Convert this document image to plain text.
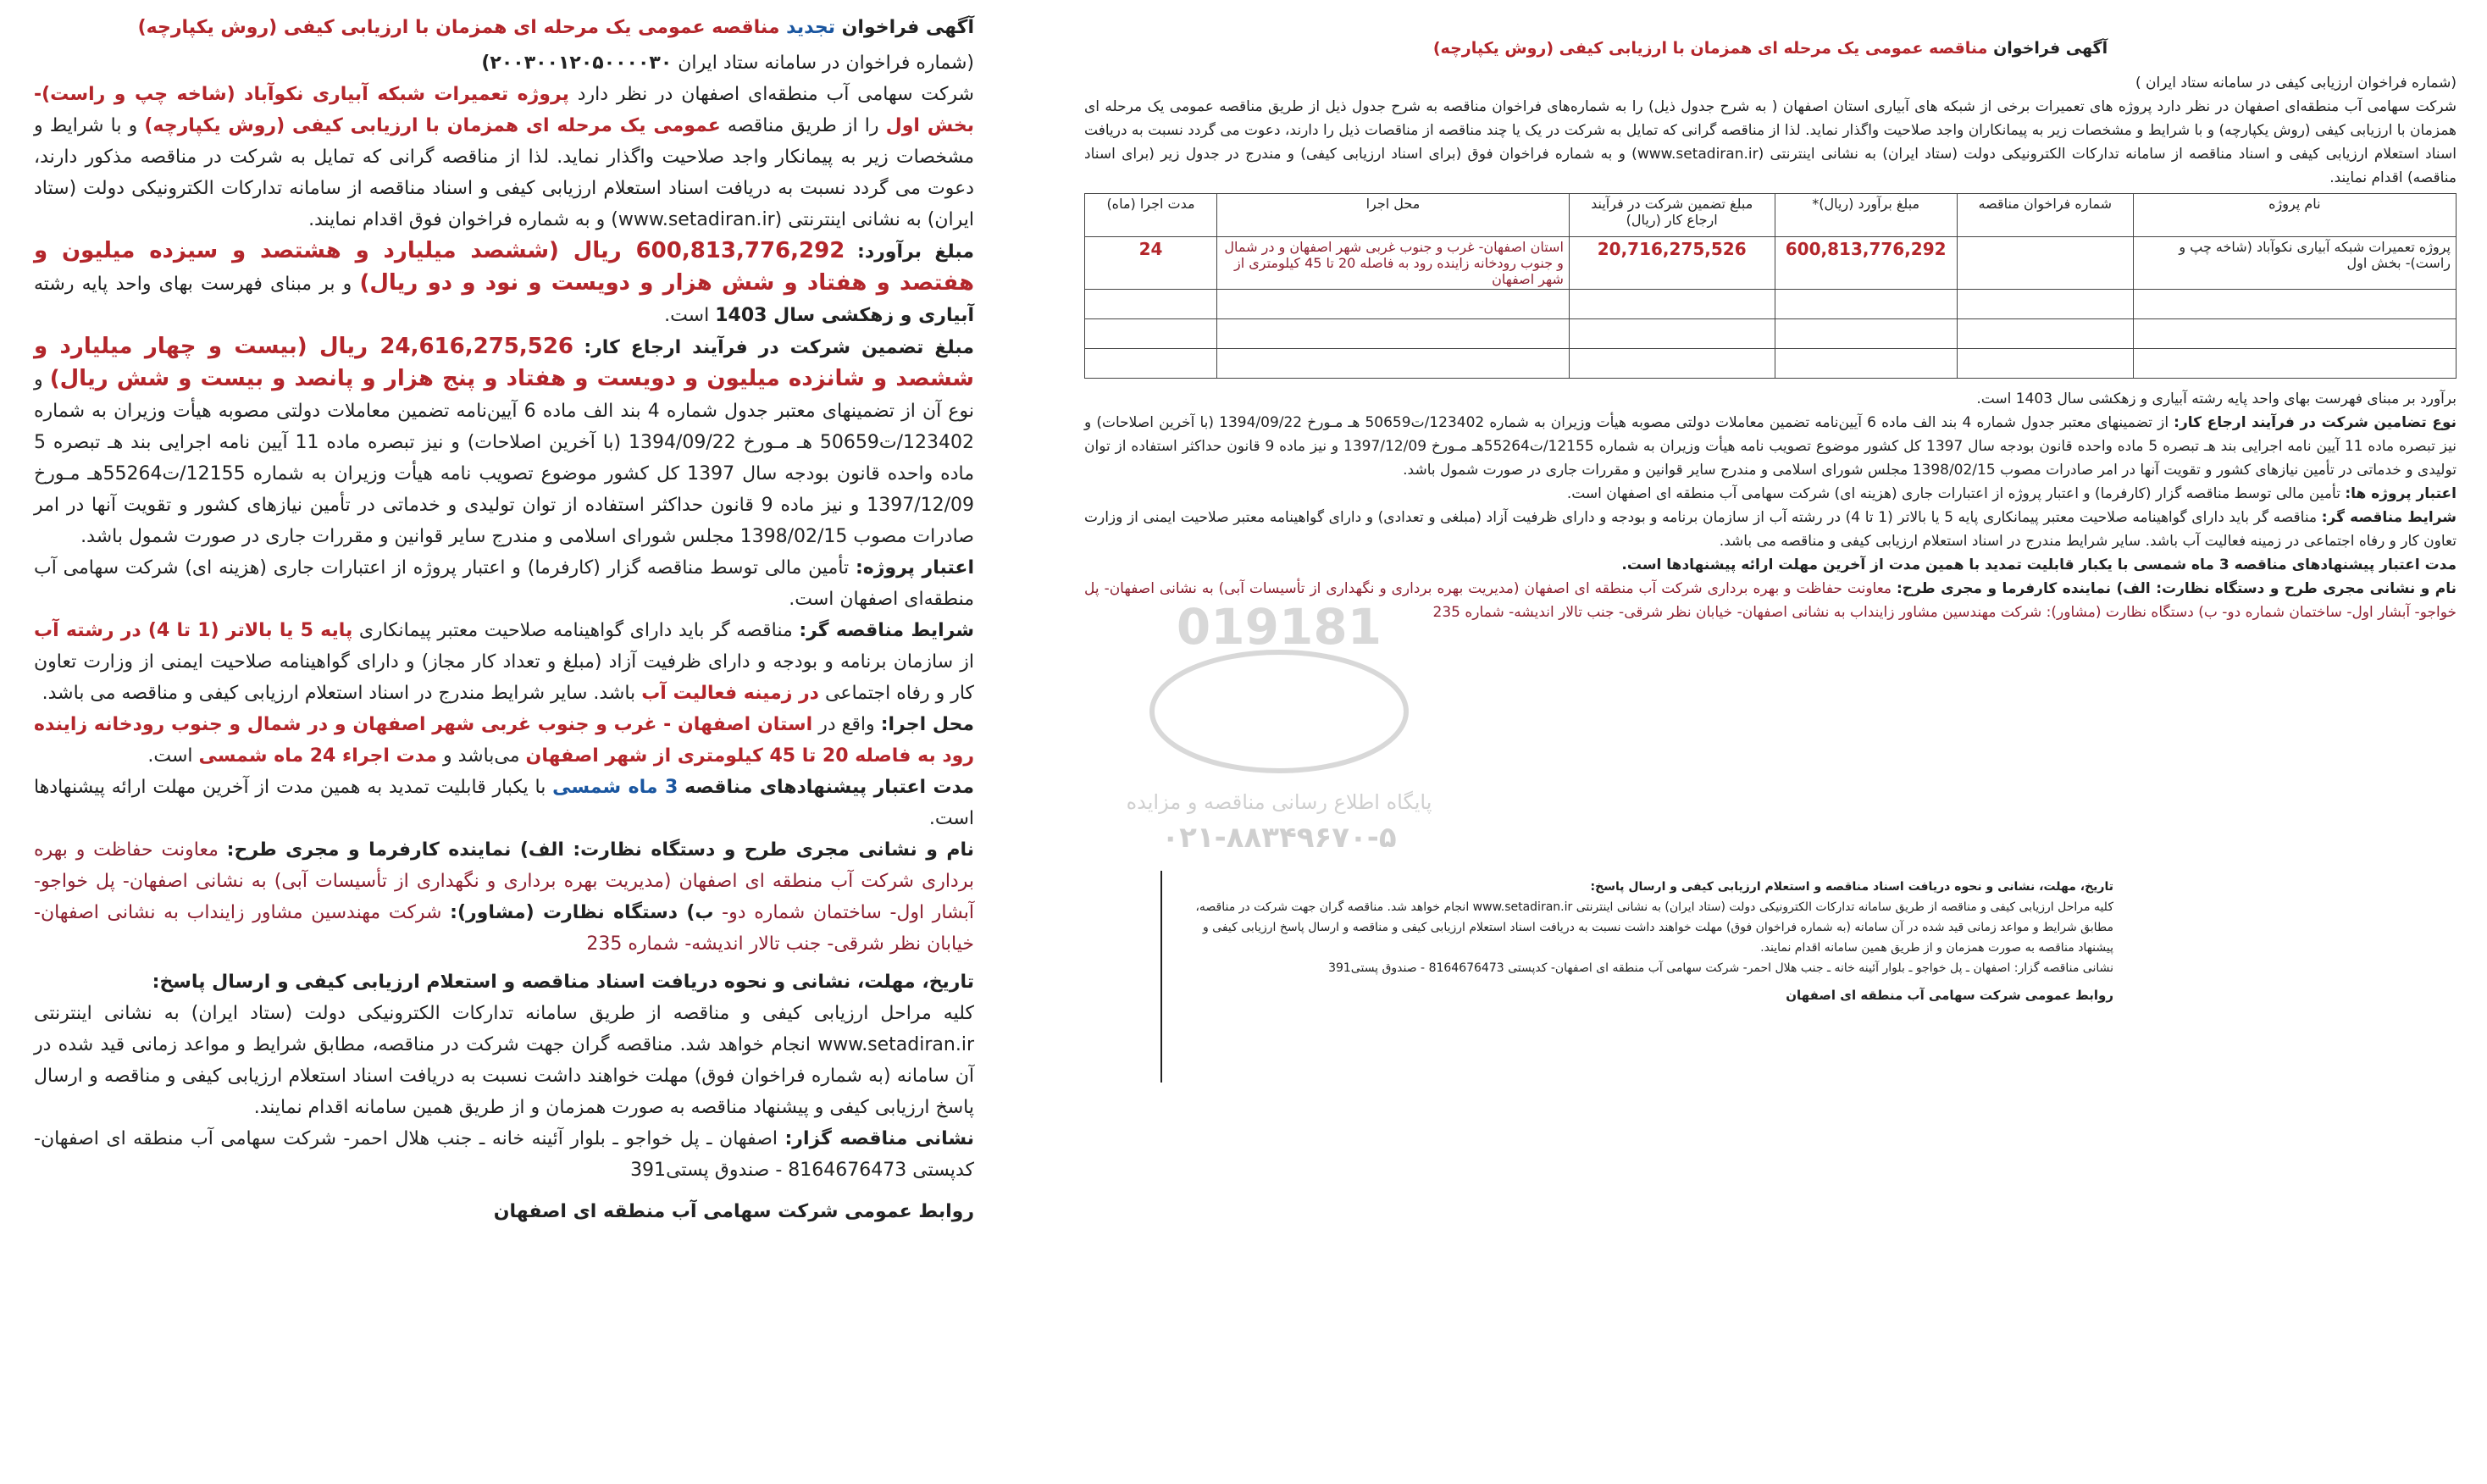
آگهی فراخوان تجدید مناقصه عمومی یک مرحله ای همزمان با ارزیابی کیفی (روش یکپارچه)

(شماره فراخوان در سامانه ستاد ایران ۲۰۰۳۰۰۱۲۰۵۰۰۰۰۳۰)

شرکت سهامی آب منطقه‌ای اصفهان در نظر دارد پروژه تعمیرات شبکه آبیاری نکوآباد (شاخه چپ و راست)- بخش اول را از طریق مناقصه عمومی یک مرحله ای همزمان با ارزیابی کیفی (روش یکپارچه) و با شرایط و مشخصات زیر به پیمانکار واجد صلاحیت واگذار نماید. لذا از مناقصه گرانی که تمایل به شرکت در مناقصه مذکور دارند، دعوت می گردد نسبت به دریافت اسناد استعلام ارزیابی کیفی و اسناد مناقصه از سامانه تدارکات الکترونیکی دولت (ستاد ایران) به نشانی اینترنتی (www.setadiran.ir) و به شماره فراخوان فوق اقدام نمایند.

مبلغ برآورد: 600,813,776,292 ریال (ششصد میلیارد و هشتصد و سیزده میلیون و هفتصد و هفتاد و شش هزار و دویست و نود و دو ریال) و بر مبنای فهرست بهای واحد پایه رشته آبیاری و زهکشی سال 1403 است.

مبلغ تضمین شرکت در فرآیند ارجاع کار: 24,616,275,526 ریال (بیست و چهار میلیارد و ششصد و شانزده میلیون و دویست و هفتاد و پنج هزار و پانصد و بیست و شش ریال) و نوع آن از تضمینهای معتبر جدول شماره 4 بند الف ماده 6 آیین‌نامه تضمین معاملات دولتی مصوبه هیأت وزیران به شماره 123402/ت50659 هـ مـورخ 1394/09/22 (با آخرین اصلاحات) و نیز تبصره ماده 11 آیین نامه اجرایی بند هـ تبصره 5 ماده واحده قانون بودجه سال 1397 کل کشور موضوع تصویب نامه هیأت وزیران به شماره 12155/ت55264هـ مـورخ 1397/12/09 و نیز ماده 9 قانون حداکثر استفاده از توان تولیدی و خدماتی در تأمین نیازهای کشور و تقویت آنها در امر صادرات مصوب 1398/02/15 مجلس شورای اسلامی و مندرج سایر قوانین و مقررات جاری در صورت شمول باشد.

اعتبار پروژه: تأمین مالی توسط مناقصه گزار (کارفرما) و اعتبار پروژه از اعتبارات جاری (هزینه ای) شرکت سهامی آب منطقه‌ای اصفهان است.

شرایط مناقصه گر: مناقصه گر باید دارای گواهینامه صلاحیت معتبر پیمانکاری پایه 5 یا بالاتر (1 تا 4) در رشته آب از سازمان برنامه و بودجه و دارای ظرفیت آزاد (مبلغ و تعداد کار مجاز) و دارای گواهینامه صلاحیت ایمنی از وزارت تعاون کار و رفاه اجتماعی در زمینه فعالیت آب باشد. سایر شرایط مندرج در اسناد استعلام ارزیابی کیفی و مناقصه می باشد.

محل اجرا: واقع در استان اصفهان - غرب و جنوب غربی شهر اصفهان و در شمال و جنوب رودخانه زاینده رود به فاصله 20 تا 45 کیلومتری از شهر اصفهان می‌باشد و مدت اجراء 24 ماه شمسی است.

مدت اعتبار پیشنهادهای مناقصه 3 ماه شمسی با یکبار قابلیت تمدید به همین مدت از آخرین مهلت ارائه پیشنهادها است.

نام و نشانی مجری طرح و دستگاه نظارت: الف) نماینده کارفرما و مجری طرح: معاونت حفاظت و بهره برداری شرکت آب منطقه ای اصفهان (مدیریت بهره برداری و نگهداری از تأسیسات آبی) به نشانی اصفهان- پل خواجو- آبشار اول- ساختمان شماره دو- ب) دستگاه نظارت (مشاور): شرکت مهندسین مشاور زاینداب به نشانی اصفهان- خیابان نظر شرقی- جنب تالار اندیشه- شماره 235

تاریخ، مهلت، نشانی و نحوه دریافت اسناد مناقصه و استعلام ارزیابی کیفی و ارسال پاسخ:

کلیه مراحل ارزیابی کیفی و مناقصه از طریق سامانه تدارکات الکترونیکی دولت (ستاد ایران) به نشانی اینترنتی www.setadiran.ir انجام خواهد شد. مناقصه گران جهت شرکت در مناقصه، مطابق شرایط و مواعد زمانی قید شده در آن سامانه (به شماره فراخوان فوق) مهلت خواهند داشت نسبت به دریافت اسناد استعلام ارزیابی کیفی و مناقصه و ارسال پاسخ ارزیابی کیفی و پیشنهاد مناقصه به صورت همزمان و از طریق همین سامانه اقدام نمایند.

نشانی مناقصه گزار: اصفهان ـ پل خواجو ـ بلوار آئینه خانه ـ جنب هلال احمر- شرکت سهامی آب منطقه ای اصفهان- کدپستی 8164676473 - صندوق پستی391

روابط عمومی شرکت سهامی آب منطقه ای اصفهان

آگهی فراخوان مناقصه عمومی یک مرحله ای همزمان با ارزیابی کیفی (روش یکپارچه)

(شماره فراخوان ارزیابی کیفی در سامانه ستاد ایران )

شرکت سهامی آب منطقه‌ای اصفهان در نظر دارد پروژه های تعمیرات برخی از شبکه های آبیاری استان اصفهان ( به شرح جدول ذیل) را به شماره‌های فراخوان مناقصه به شرح جدول ذیل از طریق مناقصه عمومی یک مرحله ای همزمان با ارزیابی کیفی (روش یکپارچه) و با شرایط و مشخصات زیر به پیمانکاران واجد صلاحیت واگذار نماید. لذا از مناقصه گرانی که تمایل به شرکت در یک یا چند مناقصه از مناقصات ذیل را دارند، دعوت می گردد نسبت به دریافت اسناد استعلام ارزیابی کیفی و اسناد مناقصه از سامانه تدارکات الکترونیکی دولت (ستاد ایران) به نشانی اینترنتی (www.setadiran.ir) و به شماره فراخوان فوق (برای اسناد ارزیابی کیفی) و مندرج در جدول زیر (برای اسناد مناقصه) اقدام نمایند.

نام پروژه	شماره فراخوان مناقصه	مبلغ برآورد (ریال)*	مبلغ تضمین شرکت در فرآیند ارجاع کار (ریال)	محل اجرا	مدت اجرا (ماه)
پروژه تعمیرات شبکه آبیاری نکوآباد (شاخه چپ و راست)- بخش اول		600,813,776,292	20,716,275,526	استان اصفهان- غرب و جنوب غربی شهر اصفهان و در شمال و جنوب رودخانه زاینده رود به فاصله 20 تا 45 کیلومتری از شهر اصفهان	24

برآورد بر مبنای فهرست بهای واحد پایه رشته آبیاری و زهکشی سال 1403 است.

نوع تضامین شرکت در فرآیند ارجاع کار: از تضمینهای معتبر جدول شماره 4 بند الف ماده 6 آیین‌نامه تضمین معاملات دولتی مصوبه هیأت وزیران به شماره 123402/ت50659 هـ مـورخ 1394/09/22 (با آخرین اصلاحات) و نیز تبصره ماده 11 آیین نامه اجرایی بند هـ تبصره 5 ماده واحده قانون بودجه سال 1397 کل کشور موضوع تصویب نامه هیأت وزیران به شماره 12155/ت55264هـ مـورخ 1397/12/09 و نیز ماده 9 قانون حداکثر استفاده از توان تولیدی و خدماتی در تأمین نیازهای کشور و تقویت آنها در امر صادرات مصوب 1398/02/15 مجلس شورای اسلامی و مندرج سایر قوانین و مقررات جاری در صورت شمول باشد.

اعتبار پروژه ها: تأمین مالی توسط مناقصه گزار (کارفرما) و اعتبار پروژه از اعتبارات جاری (هزینه ای) شرکت سهامی آب منطقه ای اصفهان است.

شرایط مناقصه گر: مناقصه گر باید دارای گواهینامه صلاحیت معتبر پیمانکاری پایه 5 یا بالاتر (1 تا 4) در رشته آب از سازمان برنامه و بودجه و دارای ظرفیت آزاد (مبلغی و تعدادی) و دارای گواهینامه معتبر صلاحیت ایمنی از وزارت تعاون کار و رفاه اجتماعی در زمینه فعالیت آب باشد. سایر شرایط مندرج در اسناد استعلام ارزیابی کیفی و مناقصه می باشد.

مدت اعتبار پیشنهادهای مناقصه 3 ماه شمسی با یکبار قابلیت تمدید با همین مدت از آخرین مهلت ارائه پیشنهادها است.

نام و نشانی مجری طرح و دستگاه نظارت: الف) نماینده کارفرما و مجری طرح: معاونت حفاظت و بهره برداری شرکت آب منطقه ای اصفهان (مدیریت بهره برداری و نگهداری از تأسیسات آبی) به نشانی اصفهان- پل خواجو- آبشار اول- ساختمان شماره دو- ب) دستگاه نظارت (مشاور): شرکت مهندسین مشاور زاینداب به نشانی اصفهان- خیابان نظر شرقی- جنب تالار اندیشه- شماره 235

019181
پایگاه اطلاع رسانی مناقصه و مزایده
۰۲۱-۸۸۳۴۹۶۷۰-۵

تاریخ، مهلت، نشانی و نحوه دریافت اسناد مناقصه و استعلام ارزیابی کیفی و ارسال پاسخ:

کلیه مراحل ارزیابی کیفی و مناقصه از طریق سامانه تدارکات الکترونیکی دولت (ستاد ایران) به نشانی اینترنتی www.setadiran.ir انجام خواهد شد. مناقصه گران جهت شرکت در مناقصه، مطابق شرایط و مواعد زمانی قید شده در آن سامانه (به شماره فراخوان فوق) مهلت خواهند داشت نسبت به دریافت اسناد استعلام ارزیابی کیفی و مناقصه و ارسال پاسخ ارزیابی کیفی و پیشنهاد مناقصه به صورت همزمان و از طریق همین سامانه اقدام نمایند.

نشانی مناقصه گزار: اصفهان ـ پل خواجو ـ بلوار آئینه خانه ـ جنب هلال احمر- شرکت سهامی آب منطقه ای اصفهان- کدپستی 8164676473 - صندوق پستی391

روابط عمومی شرکت سهامی آب منطقه ای اصفهان
